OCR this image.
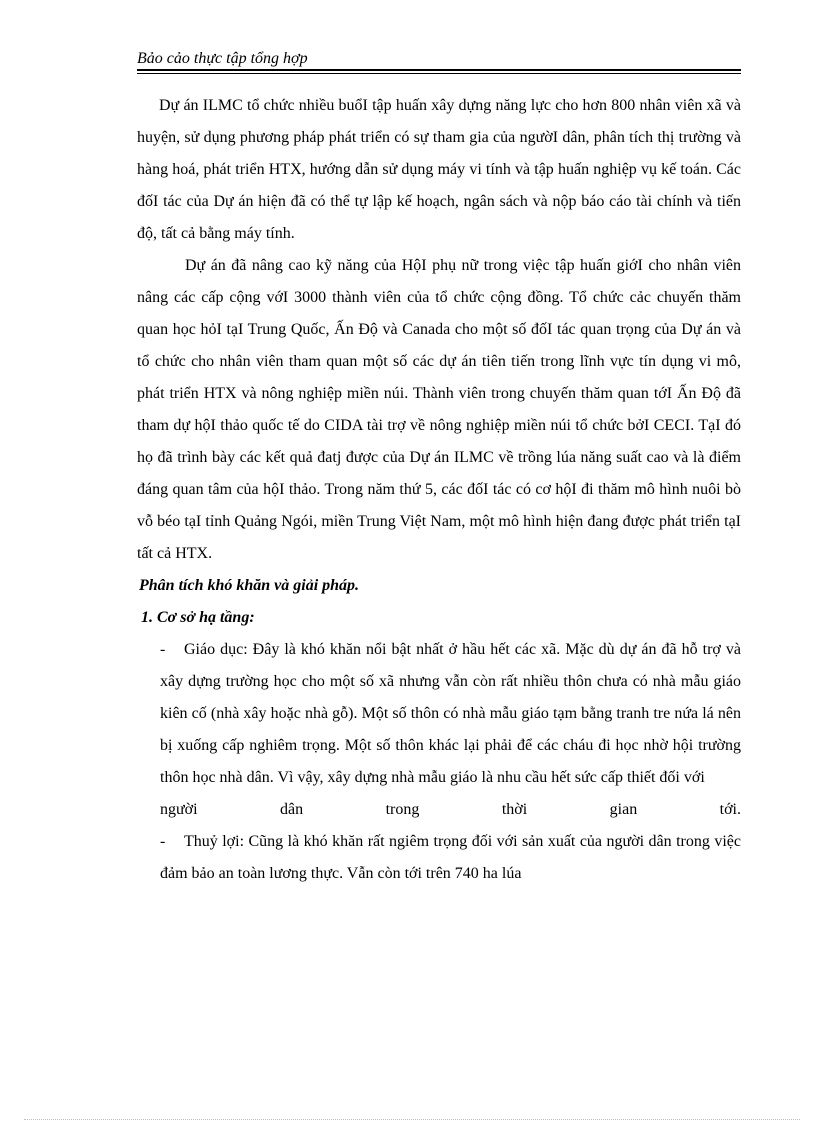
Bảo cảo thực tập tổng hợp

Dự án ILMC tổ chức nhiều buổI tập huấn xây dựng năng lực cho hơn 800 nhân viên xã và huyện, sử dụng phương pháp phát triển có sự tham gia của ngườI dân, phân tích thị trường và hàng hoá, phát triển HTX, hướng dẫn sử dụng máy vi tính và tập huấn nghiệp vụ kế toán. Các đốI tác của Dự án hiện đã có thể tự lập kế hoạch, ngân sách và nộp báo cáo tài chính và tiến độ, tất cả bằng máy tính.

Dự án đã nâng cao kỹ năng của HộI phụ nữ trong việc tập huấn giớI cho nhân viên nâng các cấp cộng vớI 3000 thành viên của tổ chức cộng đồng. Tổ chức cảc chuyến thăm quan học hỏI tạI Trung Quốc, Ấn Độ và Canada cho một số đốI tác quan trọng của Dự án và tổ chức cho nhân viên tham quan một số các dự án tiên tiến trong lĩnh vực tín dụng vi mô, phát triển HTX và nông nghiệp miền núi. Thành viên trong chuyến thăm quan tớI Ấn Độ đã tham dự hộI thảo quốc tế do CIDA tài trợ về nông nghiệp miền núi tổ chức bởI CECI. TạI đó họ đã trình bày các kết quả đatj được của Dự án ILMC về trồng lúa năng suất cao và là điểm đáng quan tâm của hộI thảo. Trong năm thứ 5, các đốI tác có cơ hộI đi thăm mô hình nuôi bò vỗ béo tạI tỉnh Quảng Ngói, miền Trung Việt Nam, một mô hình hiện đang được phát triển tạI tất cả HTX.

Phân tích khó khăn và giải pháp.

1. Cơ sở hạ tầng:

-	Giáo dục: Đây là khó khăn nổi bật nhất ở hầu hết các xã. Mặc dù dự án đã hỗ trợ và xây dựng trường học cho một số xã nhưng vẫn còn rất nhiều thôn chưa có nhà mẫu giáo kiên cố (nhà xây hoặc nhà gỗ). Một số thôn có nhà mẫu giáo tạm bằng tranh tre nứa lá nên bị xuống cấp nghiêm trọng. Một số thôn khác lại phải để các cháu đi học nhờ hội trường thôn học nhà dân. Vì vậy, xây dựng nhà mẫu giáo là nhu cầu hết sức cấp thiết đối với
người	dân	trong	thời	gian	tới.
-	Thuỷ lợi: Cũng là khó khăn rất ngiêm trọng đối với sản xuất của người dân trong việc đảm bảo an toàn lương thực. Vẫn còn tới trên 740 ha lúa
